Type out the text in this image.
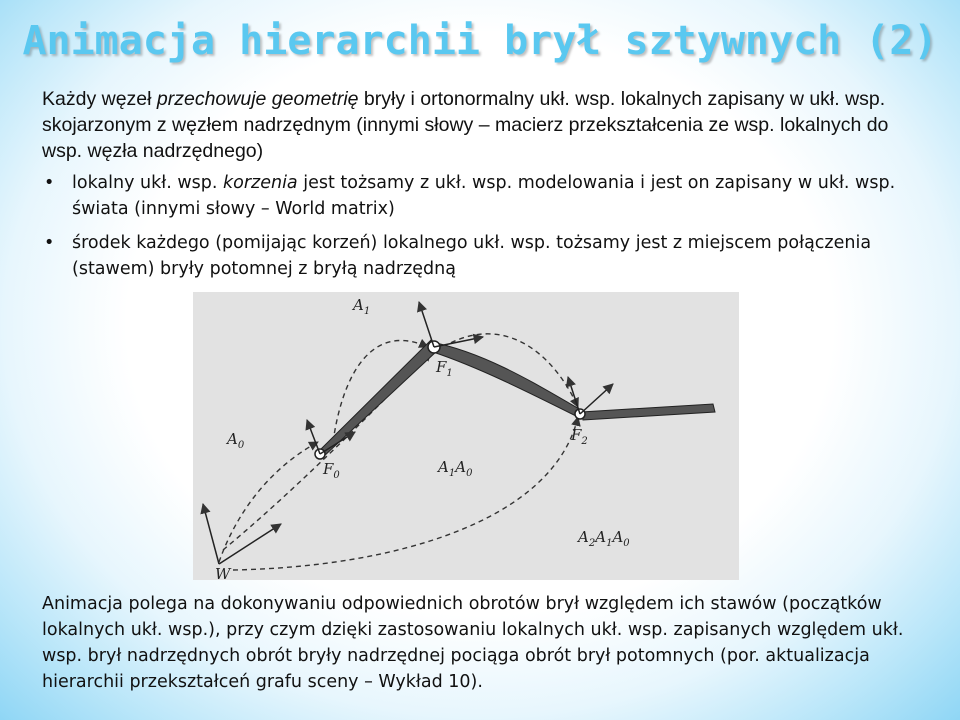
Animacja hierarchii brył sztywnych (2)
Każdy węzeł przechowuje geometrię bryły i ortonormalny ukł. wsp. lokalnych zapisany w ukł. wsp. skojarzonym z węzłem nadrzędnym (innymi słowy – macierz przekształcenia ze wsp. lokalnych do wsp. węzła nadrzędnego)
• lokalny ukł. wsp. korzenia jest tożsamy z ukł. wsp. modelowania i jest on zapisany w ukł. wsp. świata (innymi słowy – World matrix)
• środek każdego (pomijając korzeń) lokalnego ukł. wsp. tożsamy jest z miejscem połączenia (stawem) bryły potomnej z bryłą nadrzędną
W
$A_0$
$A_1$
$F_0$
$F_1$
$F_2$
$A_1A_0$
$A_2A_1A_0$
Animacja polega na dokonywaniu odpowiednich obrotów brył względem ich stawów (początków lokalnych ukł. wsp.), przy czym dzięki zastosowaniu lokalnych ukł. wsp. zapisanych względem ukł. wsp. brył nadrzędnych obrót bryły nadrzędnej pociąga obrót brył potomnych (por. aktualizacja hierarchii przekształceń grafu sceny – Wykład 10).
